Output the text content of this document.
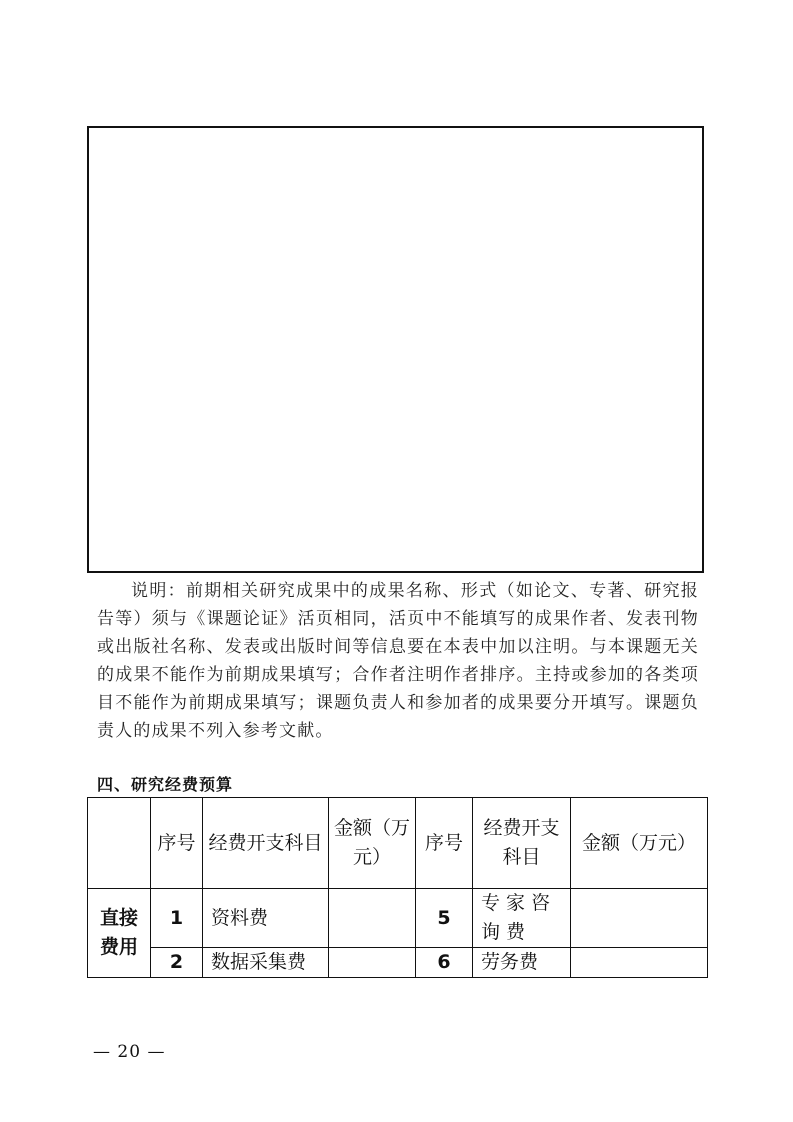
说明：前期相关研究成果中的成果名称、形式（如论文、专著、研究报告等）须与《课题论证》活页相同，活页中不能填写的成果作者、发表刊物或出版社名称、发表或出版时间等信息要在本表中加以注明。与本课题无关的成果不能作为前期成果填写；合作者注明作者排序。主持或参加的各类项目不能作为前期成果填写；课题负责人和参加者的成果要分开填写。课题负责人的成果不列入参考文献。
四、研究经费预算
	序号	经费开支科目	金额（万元）	序号	经费开支科目	金额（万元）
直接费用	1	资料费		5	专家咨询费	
	2	数据采集费		6	劳务费	
— 20 —
